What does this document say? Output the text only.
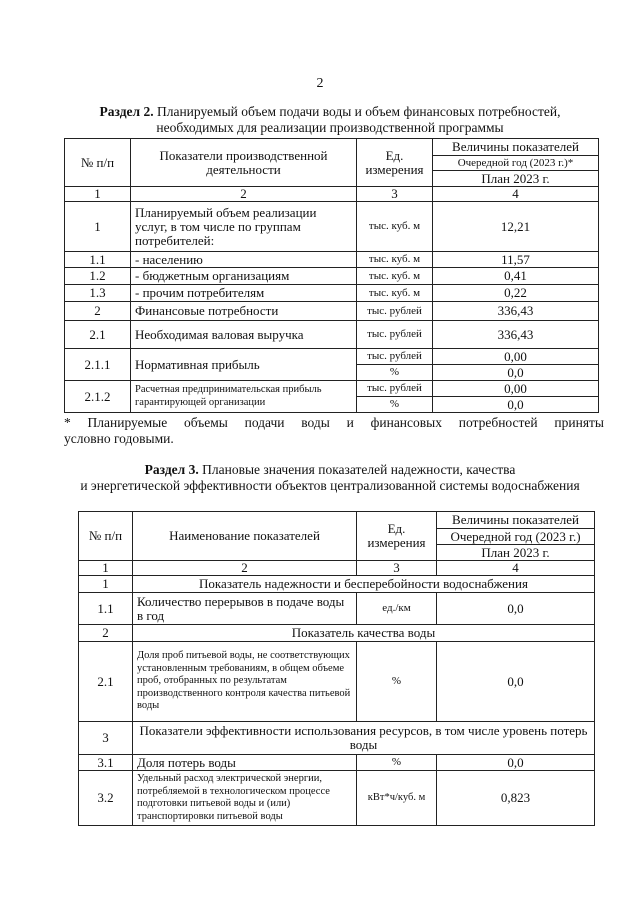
2
Раздел 2. Планируемый объем подачи воды и объем финансовых потребностей,
необходимых для реализации производственной программы
№ п/п	Показатели производственной деятельности	Ед. измерения	Величины показателей
			Очередной год (2023 г.)*
			План 2023 г.
1	2	3	4
1	Планируемый объем реализации услуг, в том числе по группам потребителей:	тыс. куб. м	12,21
1.1	- населению	тыс. куб. м	11,57
1.2	- бюджетным организациям	тыс. куб. м	0,41
1.3	- прочим потребителям	тыс. куб. м	0,22
2	Финансовые потребности	тыс. рублей	336,43
2.1	Необходимая валовая выручка	тыс. рублей	336,43
2.1.1	Нормативная прибыль	тыс. рублей	0,00
		%	0,0
2.1.2	Расчетная предпринимательская прибыль гарантирующей организации	тыс. рублей	0,00
		%	0,0
* Планируемые объемы подачи воды и финансовых потребностей приняты
условно годовыми.
Раздел 3. Плановые значения показателей надежности, качества
и энергетической эффективности объектов централизованной системы водоснабжения
№ п/п	Наименование показателей	Ед. измерения	Величины показателей
			Очередной год (2023 г.)
			План 2023 г.
1	2	3	4
1	Показатель надежности и бесперебойности водоснабжения		
1.1	Количество перерывов в подаче воды в год	ед./км	0,0
2	Показатель качества воды		
2.1	Доля проб питьевой воды, не соответствующих установленным требованиям, в общем объеме проб, отобранных по результатам производственного контроля качества питьевой воды	%	0,0
3	Показатели эффективности использования ресурсов, в том числе уровень потерь воды		
3.1	Доля потерь воды	%	0,0
3.2	Удельный расход электрической энергии, потребляемой в технологическом процессе подготовки питьевой воды и (или) транспортировки питьевой воды	кВт*ч/куб. м	0,823
